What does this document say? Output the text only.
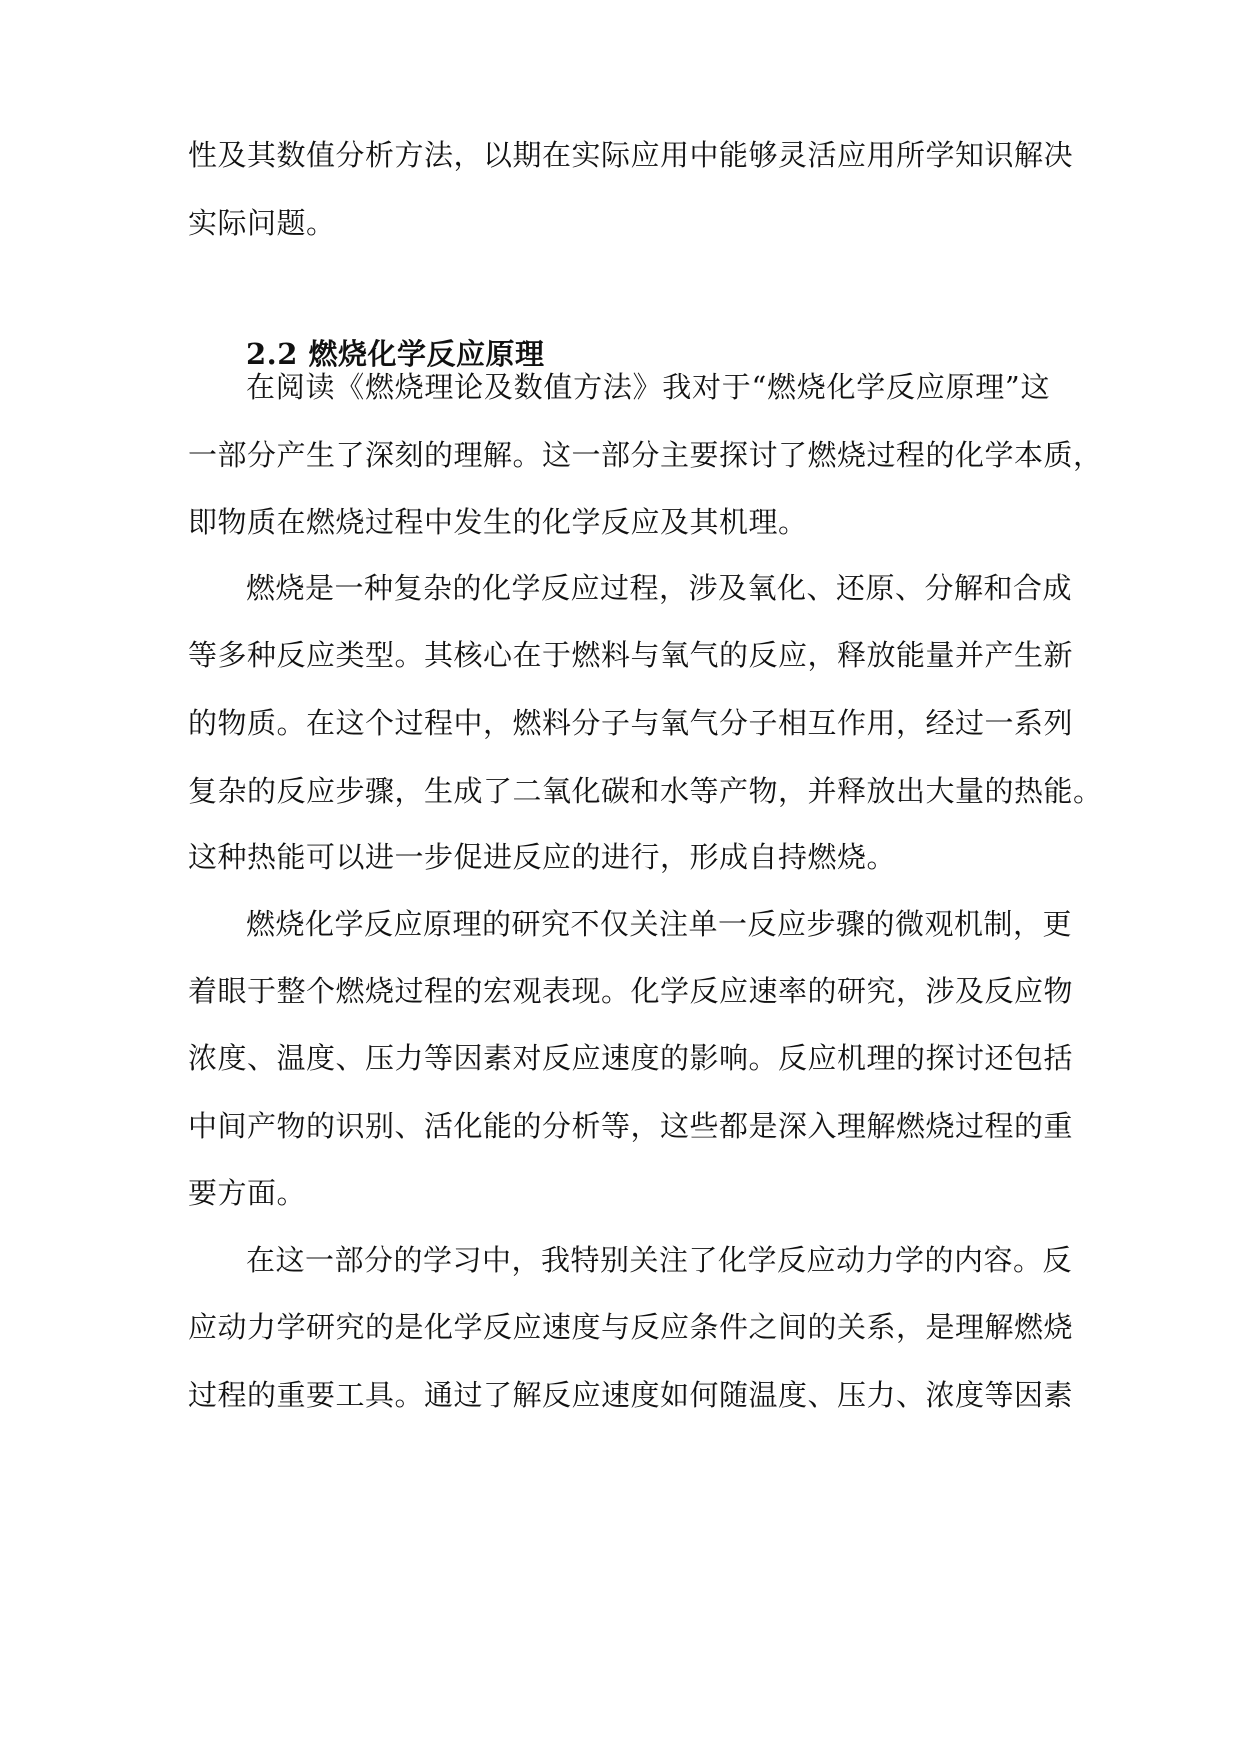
性及其数值分析方法，以期在实际应用中能够灵活应用所学知识解决
实际问题。
2.2 燃烧化学反应原理
在阅读《燃烧理论及数值方法》我对于“燃烧化学反应原理”这
一部分产生了深刻的理解。这一部分主要探讨了燃烧过程的化学本质，
即物质在燃烧过程中发生的化学反应及其机理。
燃烧是一种复杂的化学反应过程，涉及氧化、还原、分解和合成
等多种反应类型。其核心在于燃料与氧气的反应，释放能量并产生新
的物质。在这个过程中，燃料分子与氧气分子相互作用，经过一系列
复杂的反应步骤，生成了二氧化碳和水等产物，并释放出大量的热能。
这种热能可以进一步促进反应的进行，形成自持燃烧。
燃烧化学反应原理的研究不仅关注单一反应步骤的微观机制，更
着眼于整个燃烧过程的宏观表现。化学反应速率的研究，涉及反应物
浓度、温度、压力等因素对反应速度的影响。反应机理的探讨还包括
中间产物的识别、活化能的分析等，这些都是深入理解燃烧过程的重
要方面。
在这一部分的学习中，我特别关注了化学反应动力学的内容。反
应动力学研究的是化学反应速度与反应条件之间的关系，是理解燃烧
过程的重要工具。通过了解反应速度如何随温度、压力、浓度等因素
